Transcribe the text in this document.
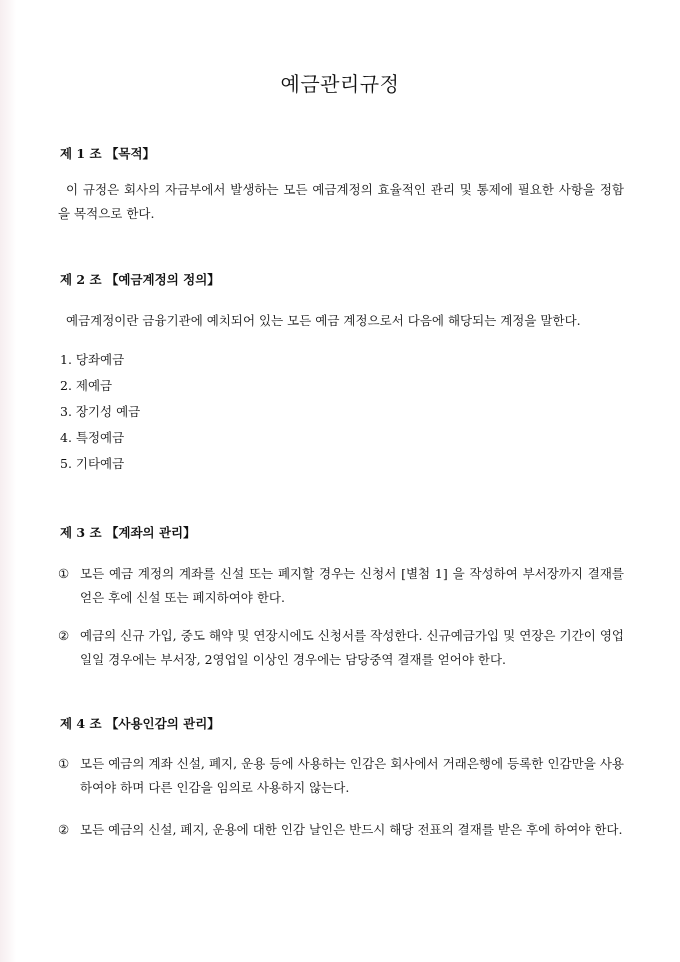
예금관리규정
제 1 조 【목적】

이 규정은 회사의 자금부에서 발생하는 모든 예금계정의 효율적인 관리 및 통제에 필요한 사항을 정함을 목적으로 한다.

제 2 조 【예금계정의 정의】

예금계정이란 금융기관에 예치되어 있는 모든 예금 계정으로서 다음에 해당되는 계정을 말한다.

1. 당좌예금
2. 제예금
3. 장기성 예금
4. 특정예금
5. 기타예금
제 3 조 【계좌의 관리】
① 모든 예금 계정의 계좌를 신설 또는 폐지할 경우는 신청서 [별첨 1] 을 작성하여 부서장까지 결재를 얻은 후에 신설 또는 폐지하여야 한다.
② 예금의 신규 가입, 중도 해약 및 연장시에도 신청서를 작성한다. 신규예금가입 및 연장은 기간이 영업일일 경우에는 부서장, 2영업일 이상인 경우에는 담당중역 결재를 얻어야 한다.
제 4 조 【사용인감의 관리】
① 모든 예금의 계좌 신설, 폐지, 운용 등에 사용하는 인감은 회사에서 거래은행에 등록한 인감만을 사용하여야 하며 다른 인감을 임의로 사용하지 않는다.
② 모든 예금의 신설, 폐지, 운용에 대한 인감 날인은 반드시 해당 전표의 결재를 받은 후에 하여야 한다.
